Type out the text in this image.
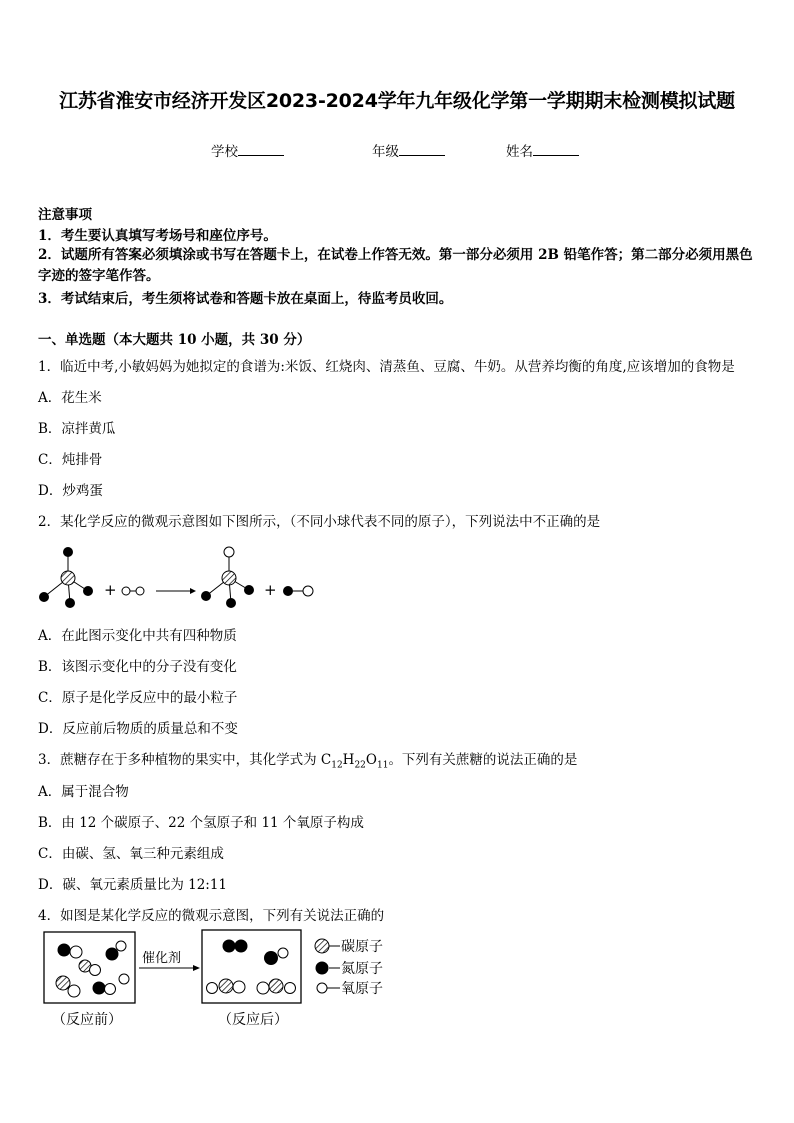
江苏省淮安市经济开发区2023-2024学年九年级化学第一学期期末检测模拟试题
学校	年级	姓名
注意事项
1．考生要认真填写考场号和座位序号。
2．试题所有答案必须填涂或书写在答题卡上，在试卷上作答无效。第一部分必须用 2B 铅笔作答；第二部分必须用黑色字迹的签字笔作答。
3．考试结束后，考生须将试卷和答题卡放在桌面上，待监考员收回。
一、单选题（本大题共 10 小题，共 30 分）
1．临近中考,小敏妈妈为她拟定的食谱为:米饭、红烧肉、清蒸鱼、豆腐、牛奶。从营养均衡的角度,应该增加的食物是
A．花生米
B．凉拌黄瓜
C．炖排骨
D．炒鸡蛋
2．某化学反应的微观示意图如下图所示，（不同小球代表不同的原子），下列说法中不正确的是
+	+
A．在此图示变化中共有四种物质
B．该图示变化中的分子没有变化
C．原子是化学反应中的最小粒子
D．反应前后物质的质量总和不变
3．蔗糖存在于多种植物的果实中，其化学式为 $C_{12}H_{22}O_{11}$。下列有关蔗糖的说法正确的是
A．属于混合物
B．由 12 个碳原子、22 个氢原子和 11 个氧原子构成
C．由碳、氢、氧三种元素组成
D．碳、氧元素质量比为 12:11
4．如图是某化学反应的微观示意图，下列有关说法正确的
催化剂
碳原子
氮原子
氧原子
（反应前）	（反应后）
